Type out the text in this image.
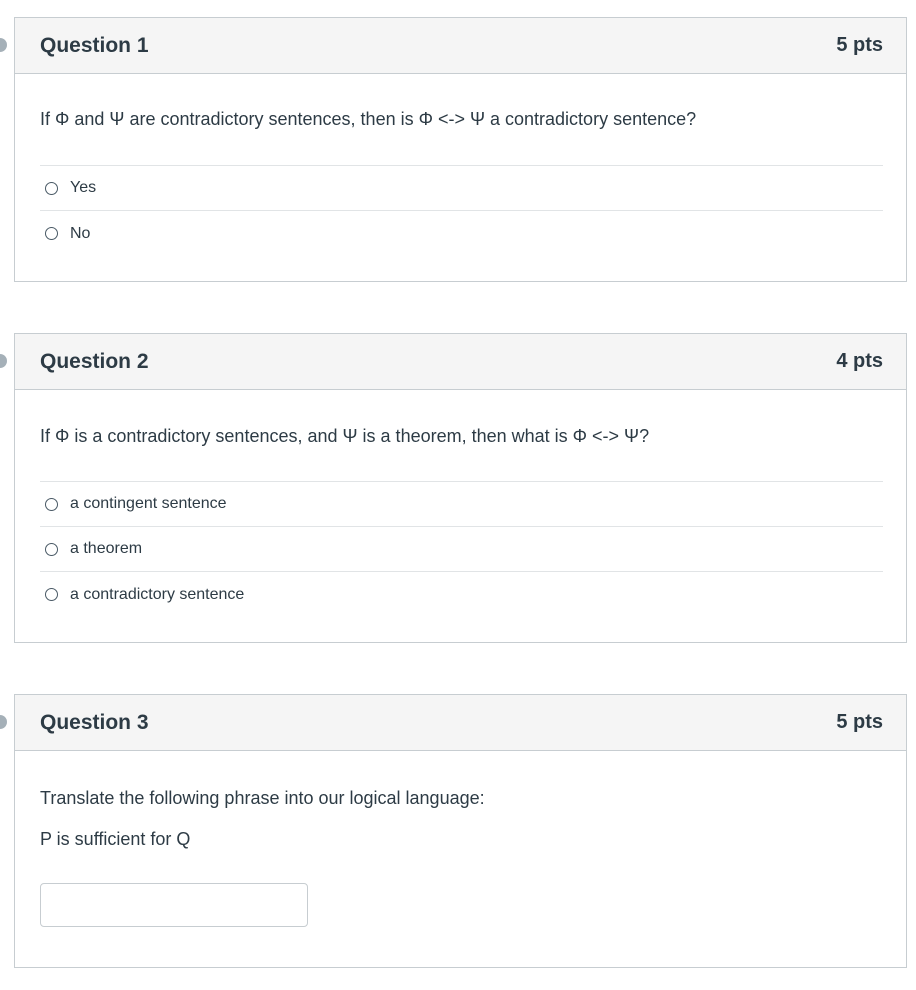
Question 1	5 pts

If Φ and Ψ are contradictory sentences, then is Φ <-> Ψ a contradictory sentence?

Yes
No
Question 2	4 pts

If Φ is a contradictory sentences, and Ψ is a theorem, then what is Φ <-> Ψ?

a contingent sentence
a theorem
a contradictory sentence
Question 3	5 pts

Translate the following phrase into our logical language:

P is sufficient for Q
